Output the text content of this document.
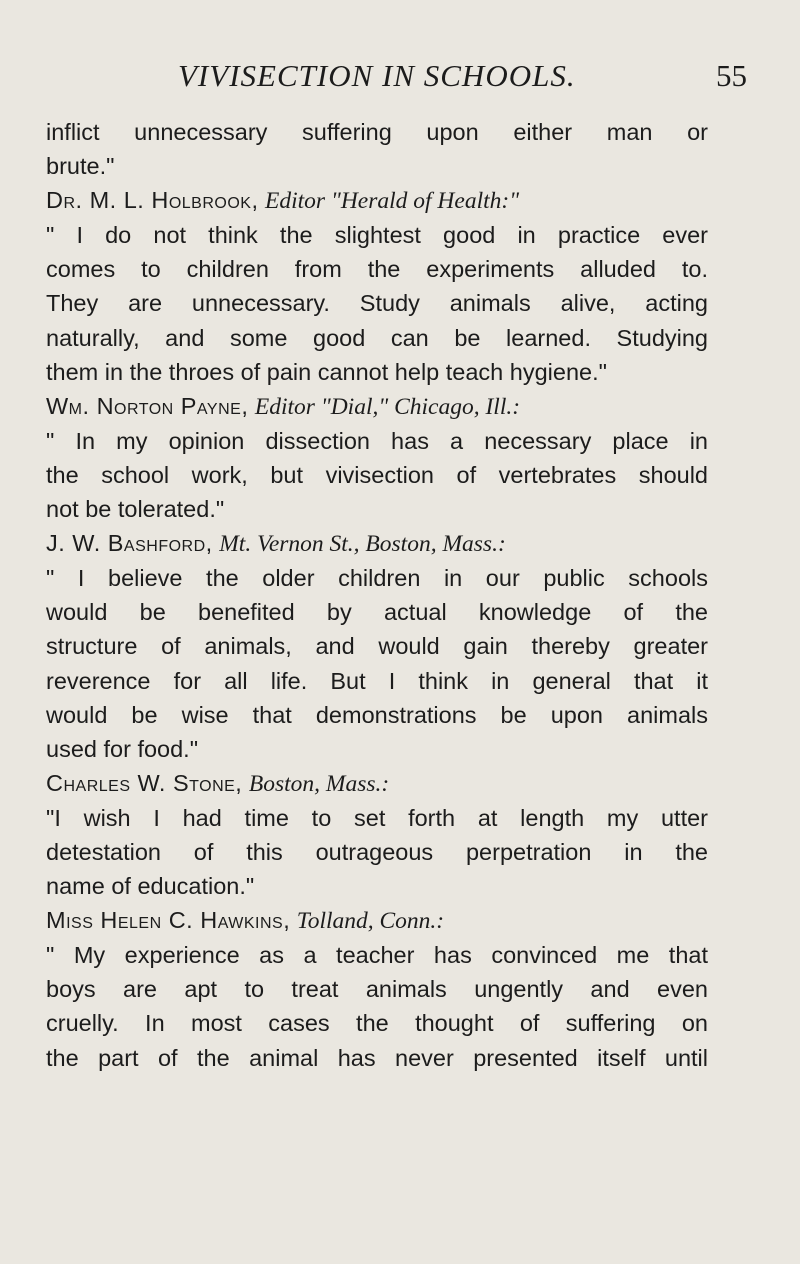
VIVISECTION IN SCHOOLS.	55

inflict unnecessary suffering upon either man or
brute."

Dr. M. L. Holbrook, Editor "Herald of Health:"

" I do not think the slightest good in practice ever
comes to children from the experiments alluded to.
They are unnecessary. Study animals alive, acting
naturally, and some good can be learned. Studying
them in the throes of pain cannot help teach hygiene."

Wm. Norton Payne, Editor "Dial," Chicago, Ill.:

" In my opinion dissection has a necessary place in
the school work, but vivisection of vertebrates should
not be tolerated."

J. W. Bashford, Mt. Vernon St., Boston, Mass.:

" I believe the older children in our public schools
would be benefited by actual knowledge of the
structure of animals, and would gain thereby greater
reverence for all life. But I think in general that it
would be wise that demonstrations be upon animals
used for food."

Charles W. Stone, Boston, Mass.:

"I wish I had time to set forth at length my utter
detestation of this outrageous perpetration in the
name of education."

Miss Helen C. Hawkins, Tolland, Conn.:

" My experience as a teacher has convinced me that
boys are apt to treat animals ungently and even
cruelly. In most cases the thought of suffering on
the part of the animal has never presented itself until
